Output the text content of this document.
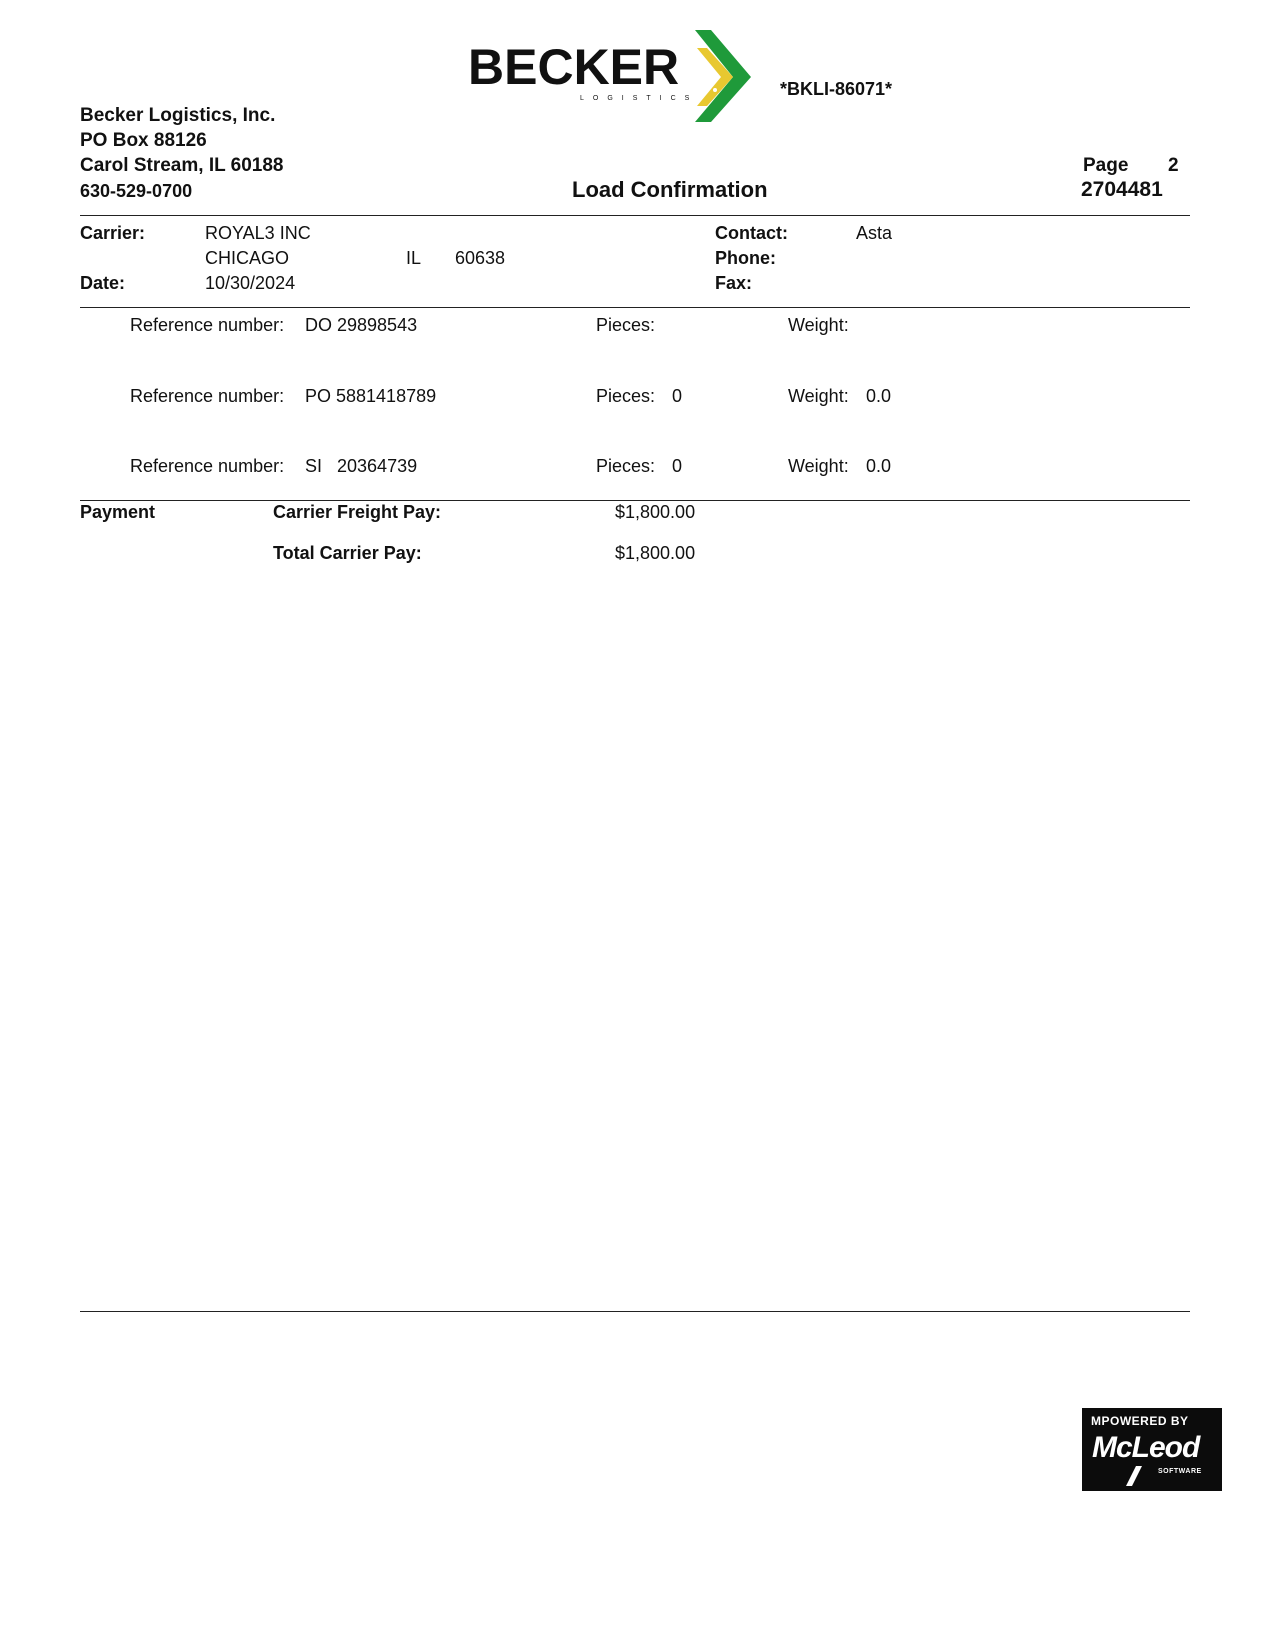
BECKER
LOGISTICS	*BKLI-86071*
Becker Logistics, Inc.
PO Box 88126
Carol Stream, IL 60188
630-529-0700	Load Confirmation
Page 2
2704481
Carrier:	ROYAL3 INC
CHICAGO	IL 60638
Date:	10/30/2024
Contact:	Asta
Phone:
Fax:
Reference number: DO 29898543	Pieces:	Weight:
Reference number: PO 5881418789	Pieces: 0	Weight: 0.0
Reference number: SI   20364739	Pieces: 0	Weight: 0.0
Payment	Carrier Freight Pay:	$1,800.00
Total Carrier Pay:	$1,800.00
MPOWERED BY
McLeod
SOFTWARE
